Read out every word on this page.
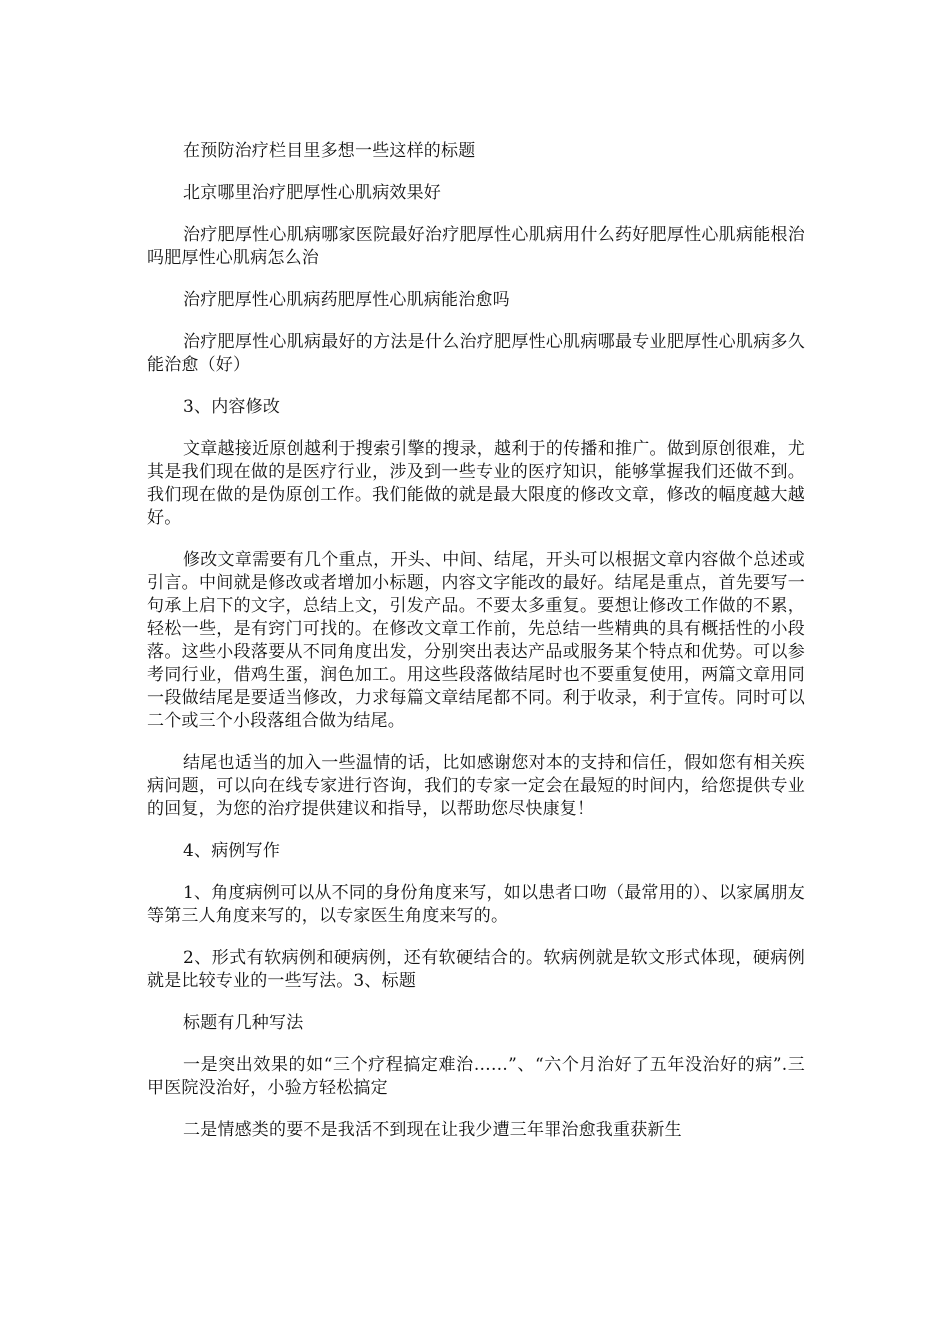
在预防治疗栏目里多想一些这样的标题

北京哪里治疗肥厚性心肌病效果好

治疗肥厚性心肌病哪家医院最好治疗肥厚性心肌病用什么药好肥厚性心肌病能根治吗肥厚性心肌病怎么治

治疗肥厚性心肌病药肥厚性心肌病能治愈吗

治疗肥厚性心肌病最好的方法是什么治疗肥厚性心肌病哪最专业肥厚性心肌病多久能治愈（好）

3、内容修改

文章越接近原创越利于搜索引擎的搜录，越利于的传播和推广。做到原创很难，尤其是我们现在做的是医疗行业，涉及到一些专业的医疗知识，能够掌握我们还做不到。我们现在做的是伪原创工作。我们能做的就是最大限度的修改文章，修改的幅度越大越好。

修改文章需要有几个重点，开头、中间、结尾，开头可以根据文章内容做个总述或引言。中间就是修改或者增加小标题，内容文字能改的最好。结尾是重点，首先要写一句承上启下的文字，总结上文，引发产品。不要太多重复。要想让修改工作做的不累，轻松一些，是有窍门可找的。在修改文章工作前，先总结一些精典的具有概括性的小段落。这些小段落要从不同角度出发，分别突出表达产品或服务某个特点和优势。可以参考同行业，借鸡生蛋，润色加工。用这些段落做结尾时也不要重复使用，两篇文章用同一段做结尾是要适当修改，力求每篇文章结尾都不同。利于收录，利于宣传。同时可以二个或三个小段落组合做为结尾。

结尾也适当的加入一些温情的话，比如感谢您对本的支持和信任，假如您有相关疾病问题，可以向在线专家进行咨询，我们的专家一定会在最短的时间内，给您提供专业的回复，为您的治疗提供建议和指导，以帮助您尽快康复！

4、病例写作

1、角度病例可以从不同的身份角度来写，如以患者口吻（最常用的）、以家属朋友等第三人角度来写的，以专家医生角度来写的。

2、形式有软病例和硬病例，还有软硬结合的。软病例就是软文形式体现，硬病例就是比较专业的一些写法。3、标题

标题有几种写法

一是突出效果的如“三个疗程搞定难治……”、“六个月治好了五年没治好的病”.三甲医院没治好，小验方轻松搞定

二是情感类的要不是我活不到现在让我少遭三年罪治愈我重获新生
